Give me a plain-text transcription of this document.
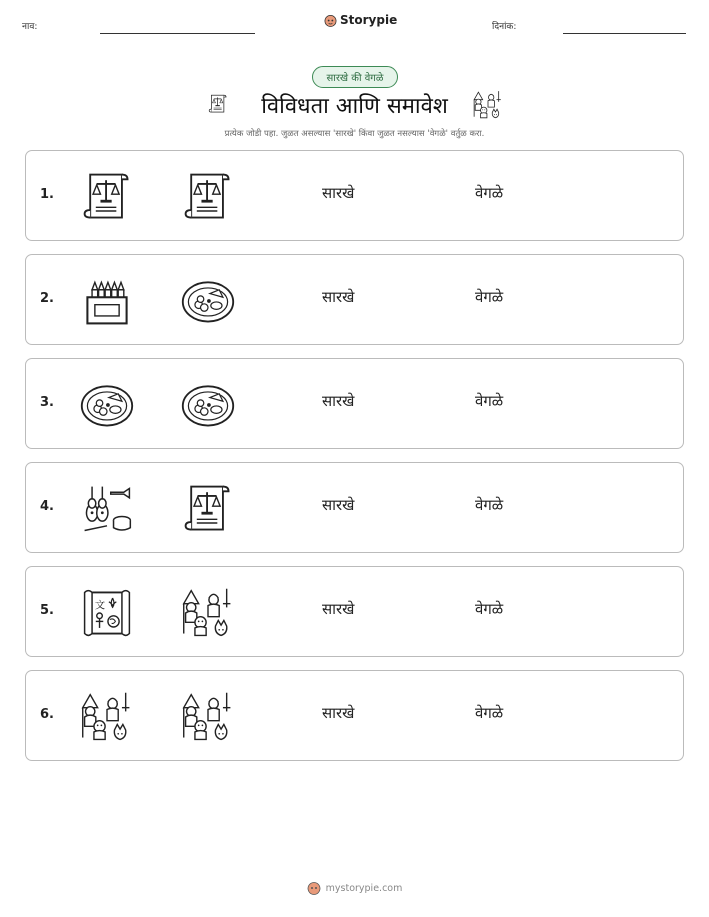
नाव:	Storypie	दिनांक:
सारखे की वेगळे
विविधता आणि समावेश
प्रत्येक जोडी पहा. जुळत असल्यास 'सारखे' किंवा जुळत नसल्यास 'वेगळे' वर्तुळ करा.
1.	सारखे	वेगळे
2.	सारखे	वेगळे
3.	सारखे	वेगळे
4.	सारखे	वेगळे
5.	सारखे	वेगळे
6.	सारखे	वेगळे
mystorypie.com
